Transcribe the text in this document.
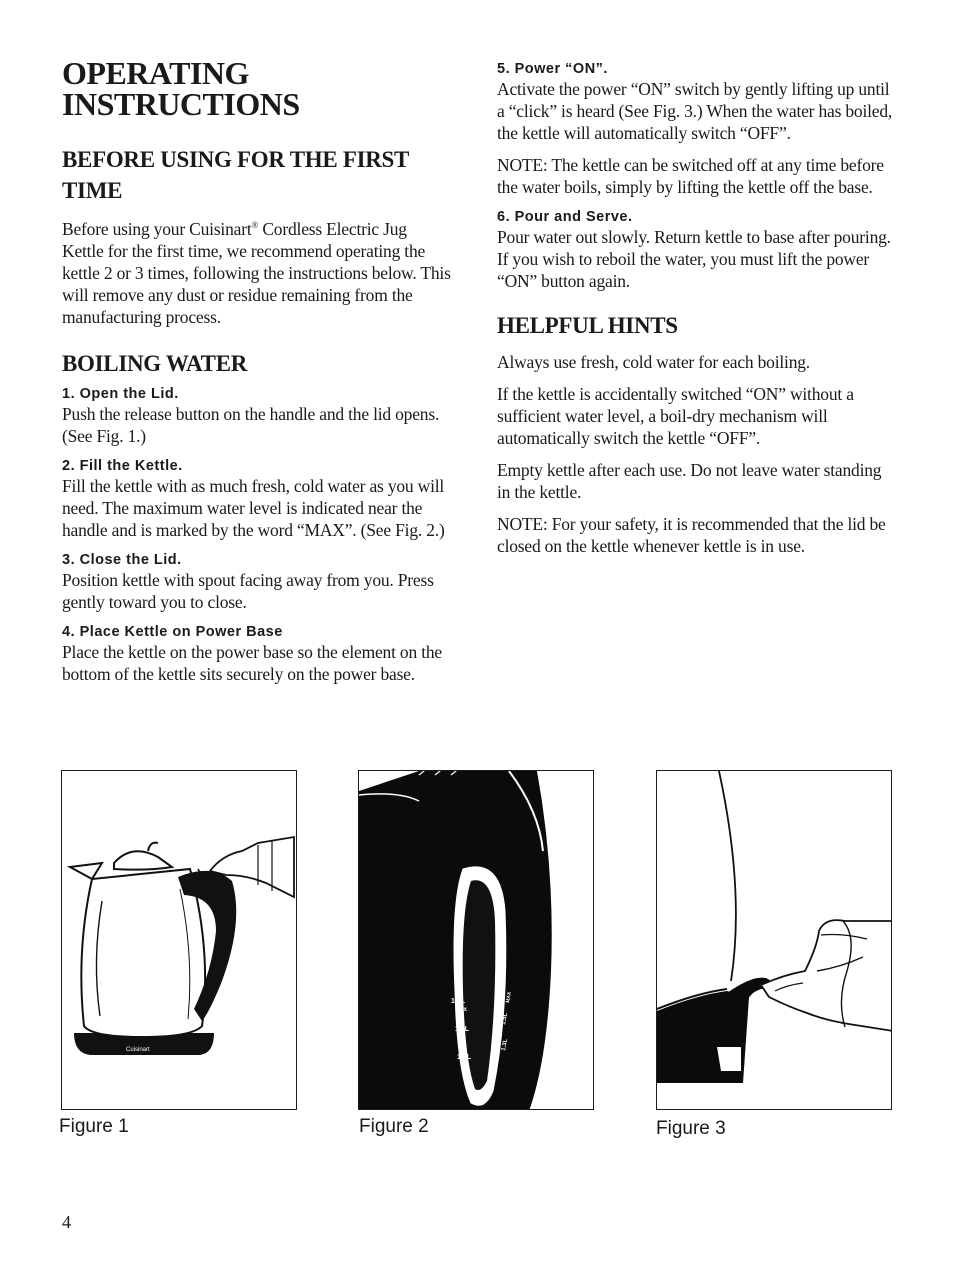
OPERATING INSTRUCTIONS
BEFORE USING FOR THE FIRST TIME

Before using your Cuisinart® Cordless Electric Jug Kettle for the first time, we recommend operating the kettle 2 or 3 times, following the instructions below. This will remove any dust or residue remaining from the manufacturing process.

BOILING WATER
1. Open the Lid.

Push the release button on the handle and the lid opens. (See Fig. 1.)

2. Fill the Kettle.

Fill the kettle with as much fresh, cold water as you will need. The maximum water level is indicated near the handle and is marked by the word “MAX”. (See Fig. 2.)

3. Close the Lid.

Position kettle with spout facing away from you. Press gently toward you to close.

4. Place Kettle on Power Base

Place the kettle on the power base so the element on the bottom of the kettle sits securely on the power base.

5. Power “ON”.

Activate the power “ON” switch by gently lifting up until a “click” is heard (See Fig. 3.) When the water has boiled, the kettle will automatically switch “OFF”.

NOTE: The kettle can be switched off at any time before the water boils, simply by lifting the kettle off the base.

6. Pour and Serve.

Pour water out slowly. Return kettle to base after pouring. If you wish to reboil the water, you must lift the power “ON” button again.

HELPFUL HINTS

Always use fresh, cold water for each boiling.

If the kettle is accidentally switched “ON” without a sufficient water level, a boil-dry mechanism will automatically switch the kettle “OFF”.

Empty kettle after each use. Do not leave water standing in the kettle.

NOTE: For your safety, it is recommended that the lid be closed on the kettle whenever kettle is in use.

Cuisinart
Figure 1
1.7L
max
1.5L
1.3L
1.7L
MAX
1.5L
1.3L
Figure 2	Figure 3
4
